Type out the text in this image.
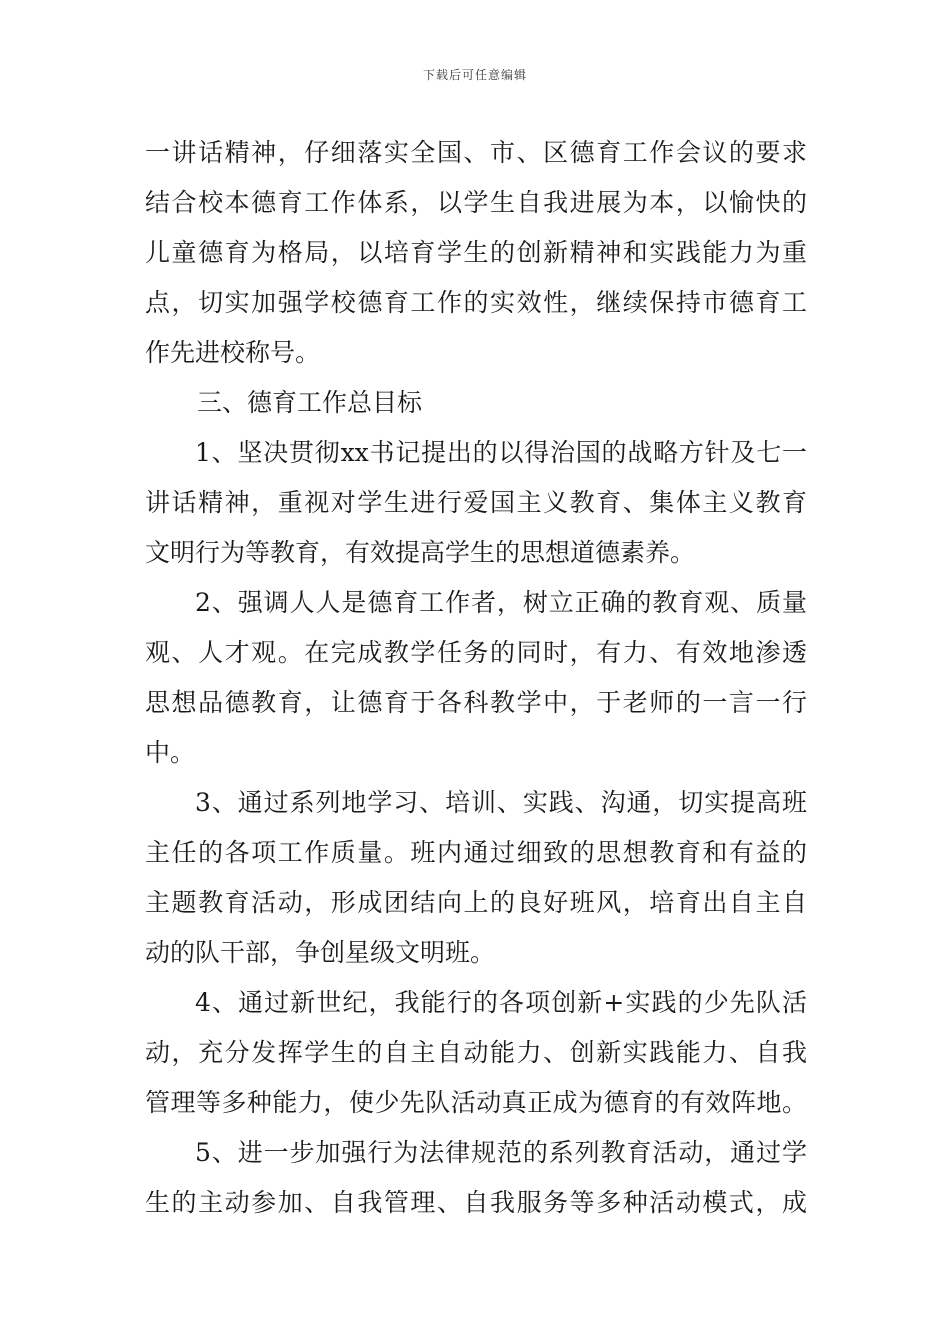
下载后可任意编辑
一讲话精神，仔细落实全国、市、区德育工作会议的要求
结合校本德育工作体系，以学生自我进展为本，以愉快的
儿童德育为格局，以培育学生的创新精神和实践能力为重
点，切实加强学校德育工作的实效性，继续保持市德育工
作先进校称号。
三、德育工作总目标
1、坚决贯彻xx书记提出的以得治国的战略方针及七一
讲话精神，重视对学生进行爱国主义教育、集体主义教育
文明行为等教育，有效提高学生的思想道德素养。
2、强调人人是德育工作者，树立正确的教育观、质量
观、人才观。在完成教学任务的同时，有力、有效地渗透
思想品德教育，让德育于各科教学中，于老师的一言一行
中。
3、通过系列地学习、培训、实践、沟通，切实提高班
主任的各项工作质量。班内通过细致的思想教育和有益的
主题教育活动，形成团结向上的良好班风，培育出自主自
动的队干部，争创星级文明班。
4、通过新世纪，我能行的各项创新+实践的少先队活
动，充分发挥学生的自主自动能力、创新实践能力、自我
管理等多种能力，使少先队活动真正成为德育的有效阵地。
5、进一步加强行为法律规范的系列教育活动，通过学
生的主动参加、自我管理、自我服务等多种活动模式，成
